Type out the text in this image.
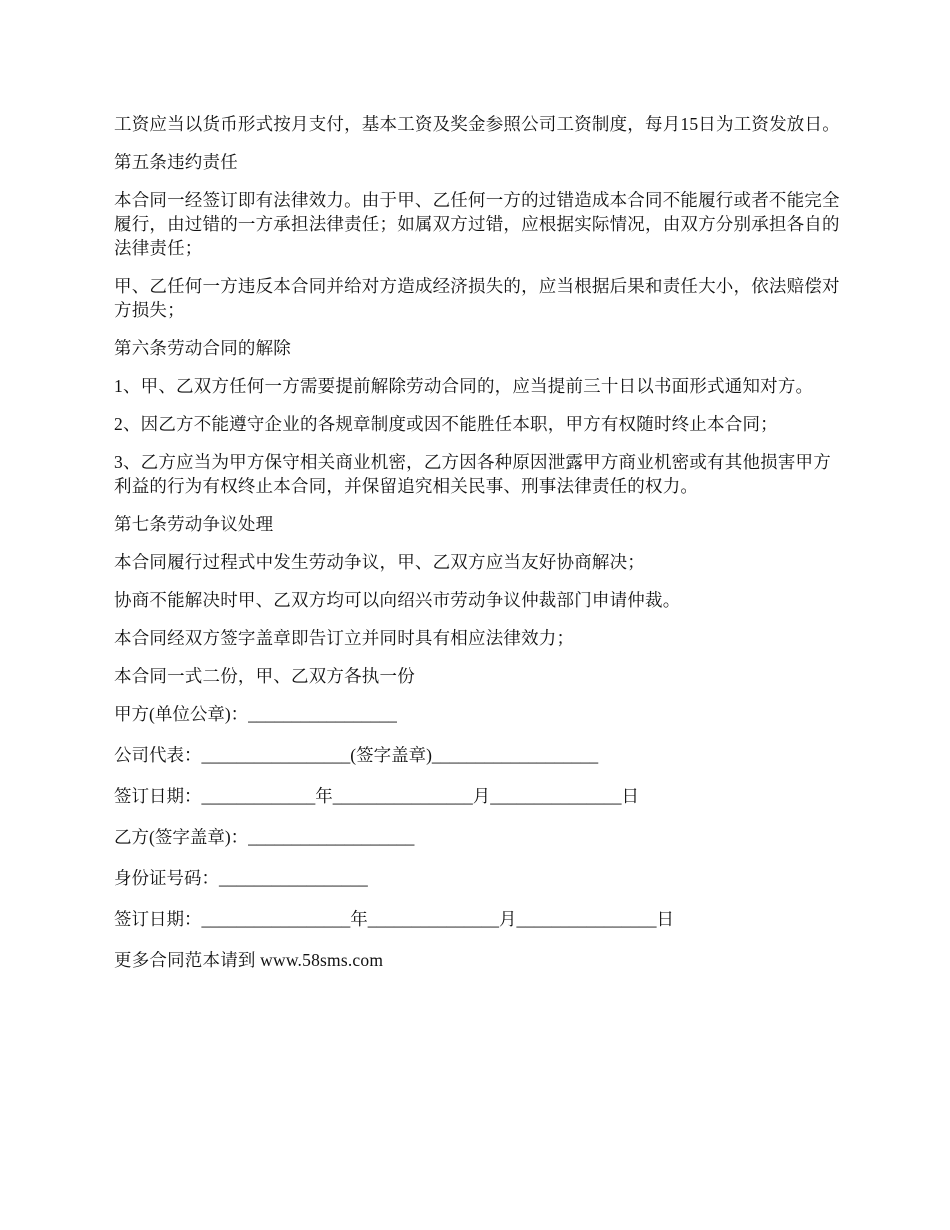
工资应当以货币形式按月支付，基本工资及奖金参照公司工资制度，每月15日为工资发放日。

第五条违约责任

本合同一经签订即有法律效力。由于甲、乙任何一方的过错造成本合同不能履行或者不能完全履行，由过错的一方承担法律责任；如属双方过错，应根据实际情况，由双方分别承担各自的法律责任；

甲、乙任何一方违反本合同并给对方造成经济损失的，应当根据后果和责任大小，依法赔偿对方损失；

第六条劳动合同的解除

1、甲、乙双方任何一方需要提前解除劳动合同的，应当提前三十日以书面形式通知对方。

2、因乙方不能遵守企业的各规章制度或因不能胜任本职，甲方有权随时终止本合同；

3、乙方应当为甲方保守相关商业机密，乙方因各种原因泄露甲方商业机密或有其他损害甲方利益的行为有权终止本合同，并保留追究相关民事、刑事法律责任的权力。

第七条劳动争议处理

本合同履行过程式中发生劳动争议，甲、乙双方应当友好协商解决；

协商不能解决时甲、乙双方均可以向绍兴市劳动争议仲裁部门申请仲裁。

本合同经双方签字盖章即告订立并同时具有相应法律效力；

本合同一式二份，甲、乙双方各执一份

甲方(单位公章)：_________________
公司代表：_________________(签字盖章)___________________
签订日期：_____________年________________月_______________日
乙方(签字盖章)：___________________
身份证号码：_________________
签订日期：_________________年_______________月________________日

更多合同范本请到 www.58sms.com
